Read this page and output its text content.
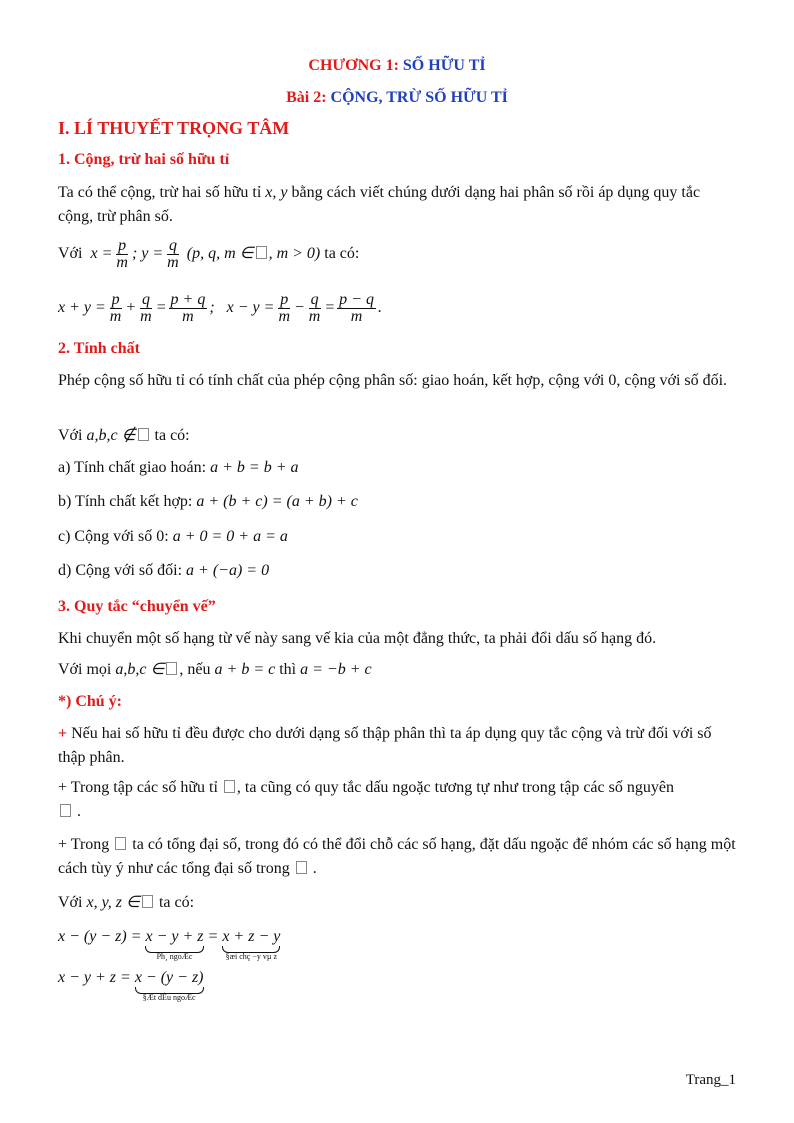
CHƯƠNG 1: SỐ HỮU TỈ
Bài 2: CỘNG, TRỪ SỐ HỮU TỈ
I. LÍ THUYẾT TRỌNG TÂM
1. Cộng, trừ hai số hữu tỉ
Ta có thể cộng, trừ hai số hữu tỉ x, y bằng cách viết chúng dưới dạng hai phân số rồi áp dụng quy tắc cộng, trừ phân số.
Với  $x = \frac{p}{m}$ ; $y = \frac{q}{m} (p$, q, m ∈ , m > 0) ta có:
$x + y = \frac{p}{m} + \frac{q}{m} = \frac{p + q}{m}$ ;   $x - y = \frac{p}{m} - \frac{q}{m} = \frac{p - q}{m}$ .
2. Tính chất
Phép cộng số hữu tỉ có tính chất của phép cộng phân số: giao hoán, kết hợp, cộng với 0, cộng với số đối.
Với a,b,c ∉ ta có:
a) Tính chất giao hoán: a + b = b + a
b) Tính chất kết hợp: a + (b + c) = (a + b) + c
c) Cộng với số 0: a + 0 = 0 + a = a
d) Cộng với số đối: a + (−a) = 0
3. Quy tắc “chuyển vế”
Khi chuyển một số hạng từ vế này sang vế kia của một đẳng thức, ta phải đổi dấu số hạng đó.
Với mọi a,b,c ∈ , nếu a + b = c thì a = −b + c
*) Chú ý:
+ Nếu hai số hữu tỉ đều được cho dưới dạng số thập phân thì ta áp dụng quy tắc cộng và trừ đối với số thập phân.
+ Trong tập các số hữu tỉ , ta cũng có quy tắc dấu ngoặc tương tự như trong tập các số nguyên
.
+ Trong ta có tổng đại số, trong đó có thể đổi chỗ các số hạng, đặt dấu ngoặc để nhóm các số hạng một cách tùy ý như các tổng đại số trong  .
Với x, y, z ∈ ta có:
x − (y − z) = x − y + z
Ph¸ ngoÆc
= x + z − y
§æi chç −y vµ z
x − y + z = x − (y − z)
§Æt dÊu ngoÆc
Trang_1
